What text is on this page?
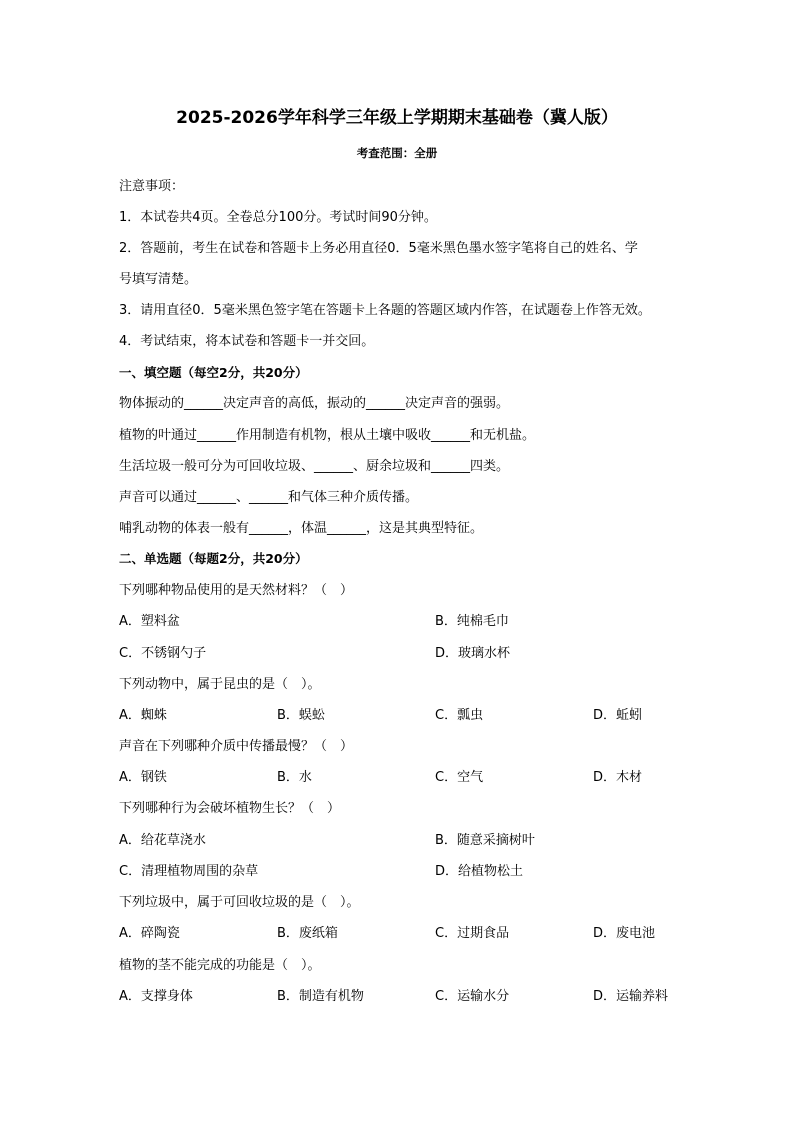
2025-2026学年科学三年级上学期期末基础卷（冀人版）
考查范围：全册
注意事项：
1．本试卷共4页。全卷总分100分。考试时间90分钟。
2．答题前，考生在试卷和答题卡上务必用直径0．5毫米黑色墨水签字笔将自己的姓名、学
号填写清楚。
3．请用直径0．5毫米黑色签字笔在答题卡上各题的答题区域内作答，在试题卷上作答无效。
4．考试结束，将本试卷和答题卡一并交回。
一、填空题（每空2分，共20分）
物体振动的______决定声音的高低，振动的______决定声音的强弱。
植物的叶通过______作用制造有机物，根从土壤中吸收______和无机盐。
生活垃圾一般可分为可回收垃圾、______、厨余垃圾和______四类。
声音可以通过______、______和气体三种介质传播。
哺乳动物的体表一般有______，体温______，这是其典型特征。
二、单选题（每题2分，共20分）
下列哪种物品使用的是天然材料？（　）
A．塑料盆	B．纯棉毛巾
C．不锈钢勺子	D．玻璃水杯
下列动物中，属于昆虫的是（　）。
A．蜘蛛	B．蜈蚣	C．瓢虫	D．蚯蚓
声音在下列哪种介质中传播最慢？（　）
A．钢铁	B．水	C．空气	D．木材
下列哪种行为会破坏植物生长？（　）
A．给花草浇水	B．随意采摘树叶
C．清理植物周围的杂草	D．给植物松土
下列垃圾中，属于可回收垃圾的是（　）。
A．碎陶瓷	B．废纸箱	C．过期食品	D．废电池
植物的茎不能完成的功能是（　）。
A．支撑身体	B．制造有机物	C．运输水分	D．运输养料
